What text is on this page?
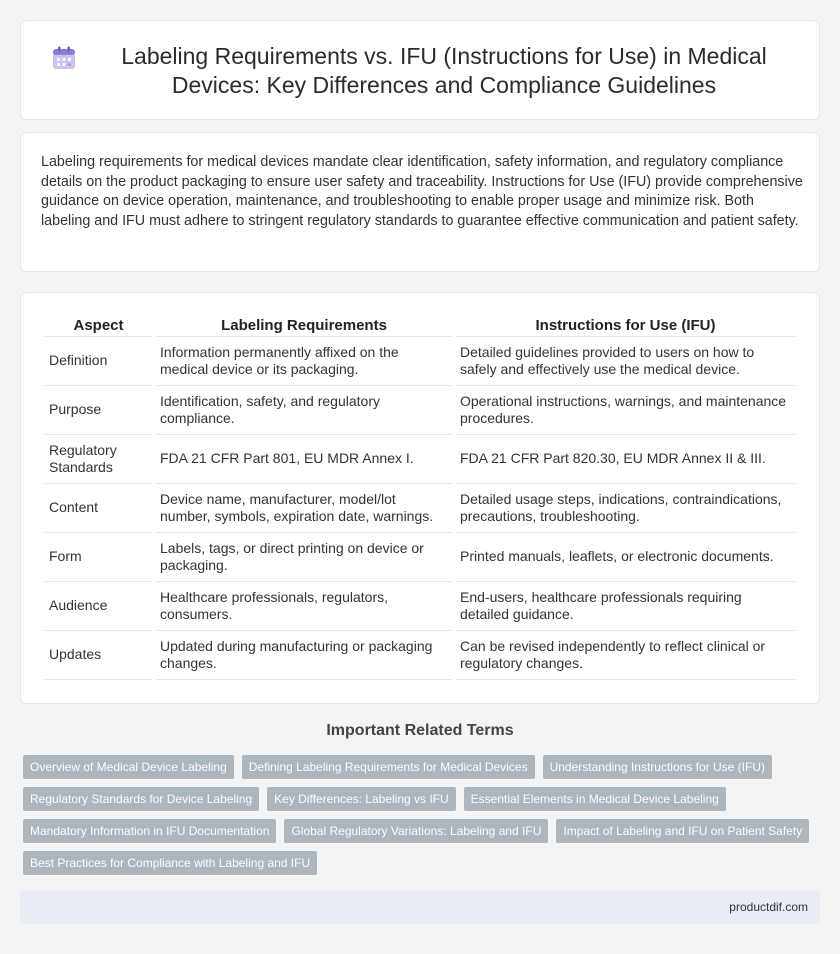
Labeling Requirements vs. IFU (Instructions for Use) in Medical Devices: Key Differences and Compliance Guidelines

Labeling requirements for medical devices mandate clear identification, safety information, and regulatory compliance details on the product packaging to ensure user safety and traceability. Instructions for Use (IFU) provide comprehensive guidance on device operation, maintenance, and troubleshooting to enable proper usage and minimize risk. Both labeling and IFU must adhere to stringent regulatory standards to guarantee effective communication and patient safety.

Aspect	Labeling Requirements	Instructions for Use (IFU)
Definition	Information permanently affixed on the medical device or its packaging.	Detailed guidelines provided to users on how to safely and effectively use the medical device.
Purpose	Identification, safety, and regulatory compliance.	Operational instructions, warnings, and maintenance procedures.
Regulatory Standards	FDA 21 CFR Part 801, EU MDR Annex I.	FDA 21 CFR Part 820.30, EU MDR Annex II & III.
Content	Device name, manufacturer, model/lot number, symbols, expiration date, warnings.	Detailed usage steps, indications, contraindications, precautions, troubleshooting.
Form	Labels, tags, or direct printing on device or packaging.	Printed manuals, leaflets, or electronic documents.
Audience	Healthcare professionals, regulators, consumers.	End-users, healthcare professionals requiring detailed guidance.
Updates	Updated during manufacturing or packaging changes.	Can be revised independently to reflect clinical or regulatory changes.
Important Related Terms
Overview of Medical Device Labeling	Defining Labeling Requirements for Medical Devices	Understanding Instructions for Use (IFU)
Regulatory Standards for Device Labeling	Key Differences: Labeling vs IFU	Essential Elements in Medical Device Labeling
Mandatory Information in IFU Documentation	Global Regulatory Variations: Labeling and IFU	Impact of Labeling and IFU on Patient Safety
Best Practices for Compliance with Labeling and IFU
productdif.com
